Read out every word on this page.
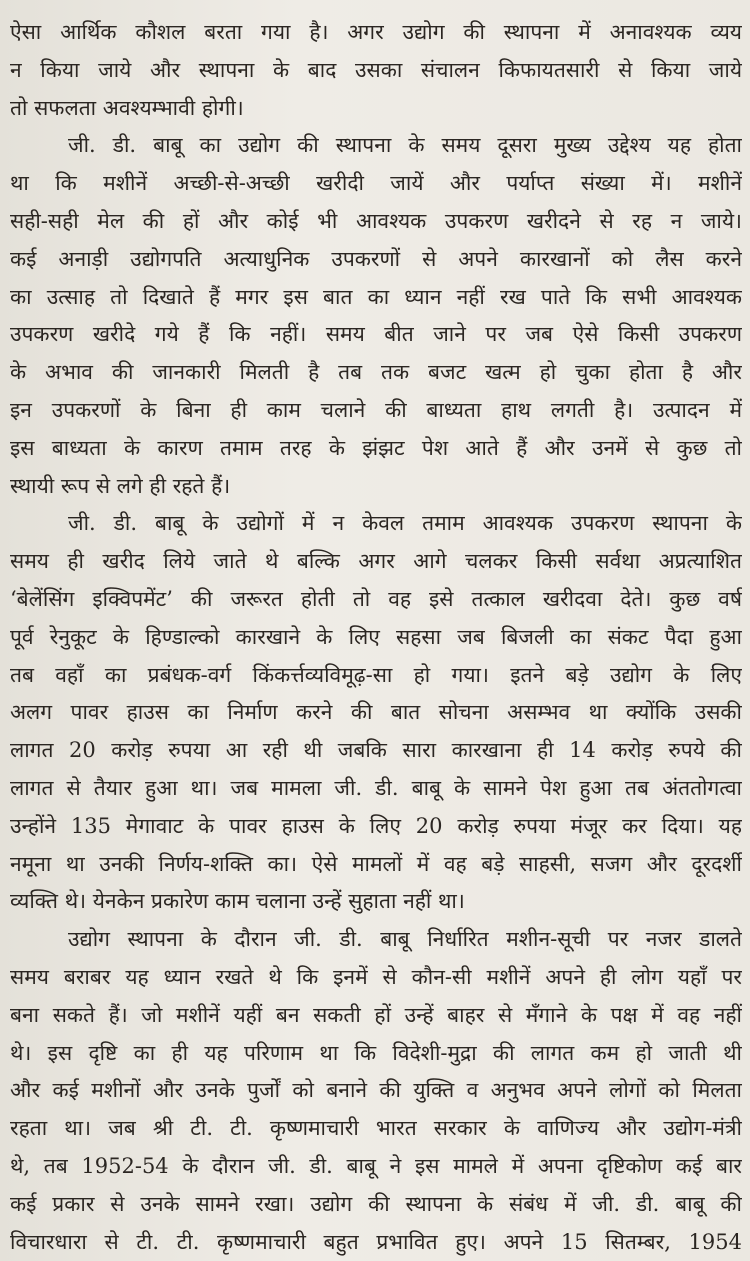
ऐसा आर्थिक कौशल बरता गया है। अगर उद्योग की स्थापना में अनावश्यक व्यय
न किया जाये और स्थापना के बाद उसका संचालन किफायतसारी से किया जाये
तो सफलता अवश्यम्भावी होगी।
जी. डी. बाबू का उद्योग की स्थापना के समय दूसरा मुख्य उद्देश्य यह होता
था कि मशीनें अच्छी-से-अच्छी खरीदी जायें और पर्याप्त संख्या में। मशीनें
सही-सही मेल की हों और कोई भी आवश्यक उपकरण खरीदने से रह न जाये।
कई अनाड़ी उद्योगपति अत्याधुनिक उपकरणों से अपने कारखानों को लैस करने
का उत्साह तो दिखाते हैं मगर इस बात का ध्यान नहीं रख पाते कि सभी आवश्यक
उपकरण खरीदे गये हैं कि नहीं। समय बीत जाने पर जब ऐसे किसी उपकरण
के अभाव की जानकारी मिलती है तब तक बजट खत्म हो चुका होता है और
इन उपकरणों के बिना ही काम चलाने की बाध्यता हाथ लगती है। उत्पादन में
इस बाध्यता के कारण तमाम तरह के झंझट पेश आते हैं और उनमें से कुछ तो
स्थायी रूप से लगे ही रहते हैं।
जी. डी. बाबू के उद्योगों में न केवल तमाम आवश्यक उपकरण स्थापना के
समय ही खरीद लिये जाते थे बल्कि अगर आगे चलकर किसी सर्वथा अप्रत्याशित
‘बेलेंसिंग इक्विपमेंट’ की जरूरत होती तो वह इसे तत्काल खरीदवा देते। कुछ वर्ष
पूर्व रेनुकूट के हिण्डाल्को कारखाने के लिए सहसा जब बिजली का संकट पैदा हुआ
तब वहाँ का प्रबंधक-वर्ग किंकर्त्तव्यविमूढ़-सा हो गया। इतने बड़े उद्योग के लिए
अलग पावर हाउस का निर्माण करने की बात सोचना असम्भव था क्योंकि उसकी
लागत 20 करोड़ रुपया आ रही थी जबकि सारा कारखाना ही 14 करोड़ रुपये की
लागत से तैयार हुआ था। जब मामला जी. डी. बाबू के सामने पेश हुआ तब अंततोगत्वा
उन्होंने 135 मेगावाट के पावर हाउस के लिए 20 करोड़ रुपया मंजूर कर दिया। यह
नमूना था उनकी निर्णय-शक्ति का। ऐसे मामलों में वह बड़े साहसी, सजग और दूरदर्शी
व्यक्ति थे। येनकेन प्रकारेण काम चलाना उन्हें सुहाता नहीं था।
उद्योग स्थापना के दौरान जी. डी. बाबू निर्धारित मशीन-सूची पर नजर डालते
समय बराबर यह ध्यान रखते थे कि इनमें से कौन-सी मशीनें अपने ही लोग यहाँ पर
बना सकते हैं। जो मशीनें यहीं बन सकती हों उन्हें बाहर से मँगाने के पक्ष में वह नहीं
थे। इस दृष्टि का ही यह परिणाम था कि विदेशी-मुद्रा की लागत कम हो जाती थी
और कई मशीनों और उनके पुर्जों को बनाने की युक्ति व अनुभव अपने लोगों को मिलता
रहता था। जब श्री टी. टी. कृष्णमाचारी भारत सरकार के वाणिज्य और उद्योग-मंत्री
थे, तब 1952-54 के दौरान जी. डी. बाबू ने इस मामले में अपना दृष्टिकोण कई बार
कई प्रकार से उनके सामने रखा। उद्योग की स्थापना के संबंध में जी. डी. बाबू की
विचारधारा से टी. टी. कृष्णमाचारी बहुत प्रभावित हुए। अपने 15 सितम्बर, 1954
